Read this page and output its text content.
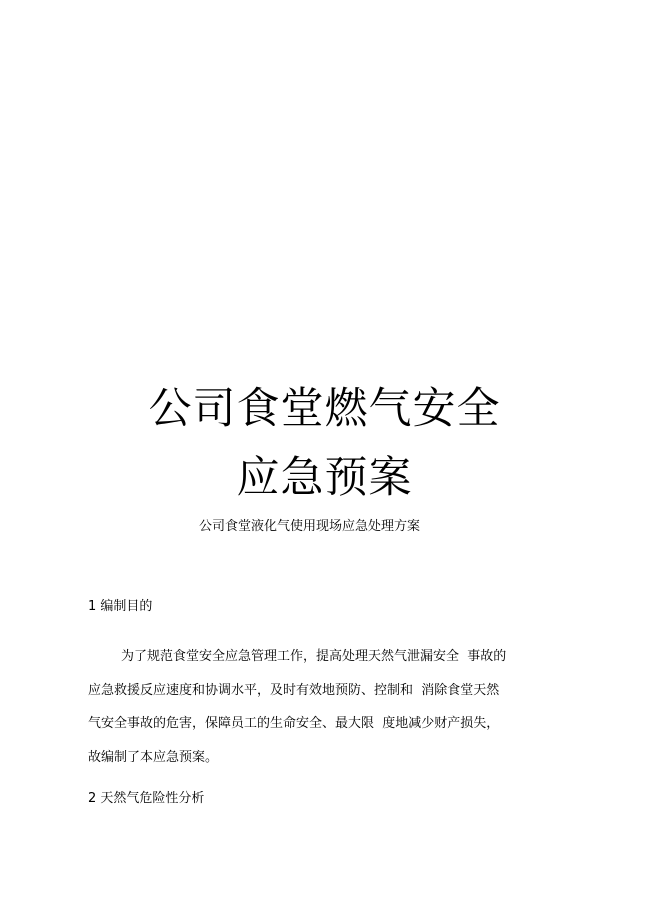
公司食堂燃气安全
应急预案
公司食堂液化气使用现场应急处理方案
1 编制目的
为了规范食堂安全应急管理工作，提高处理天然气泄漏安全  事故的
应急救援反应速度和协调水平，及时有效地预防、控制和  消除食堂天然
气安全事故的危害，保障员工的生命安全、最大限  度地减少财产损失，
故编制了本应急预案。
2 天然气危险性分析
